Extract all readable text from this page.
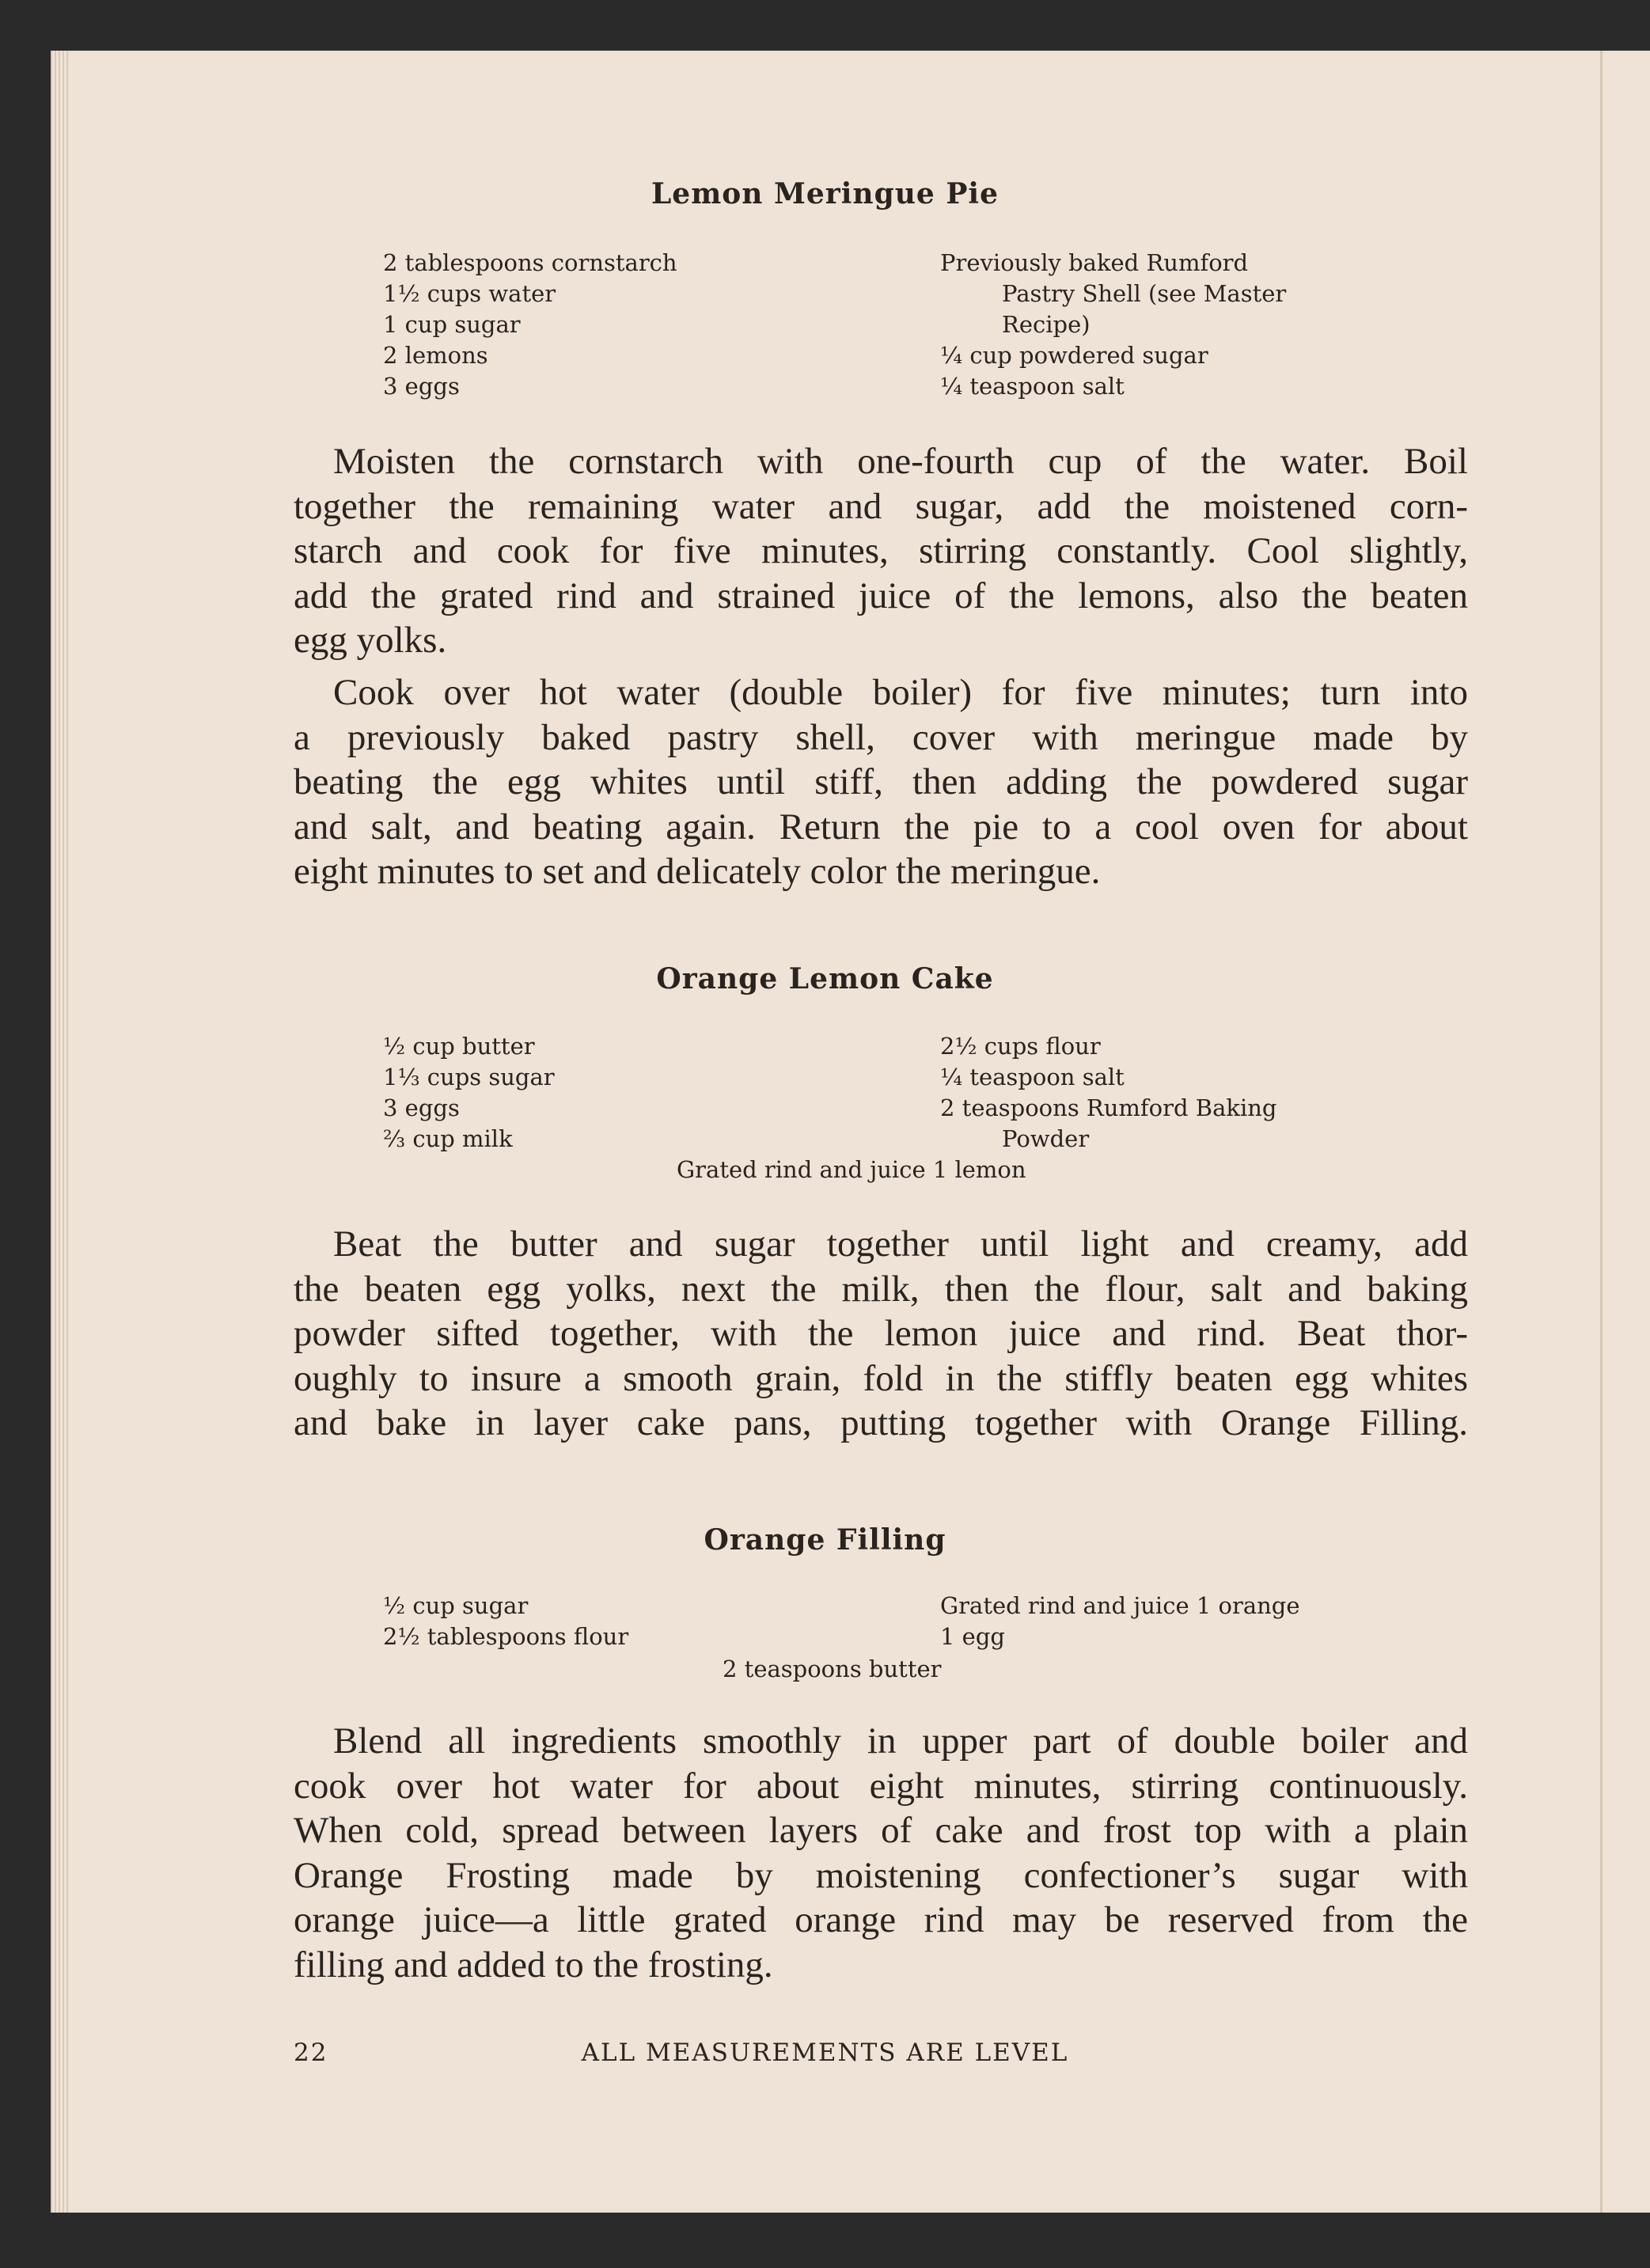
Lemon Meringue Pie
2 tablespoons cornstarch
1½ cups water
1 cup sugar
2 lemons
3 eggs
Previously baked Rumford
Pastry Shell (see Master
Recipe)
¼ cup powdered sugar
¼ teaspoon salt
Moisten the cornstarch with one-fourth cup of the water. Boil
together the remaining water and sugar, add the moistened corn-
starch and cook for five minutes, stirring constantly. Cool slightly,
add the grated rind and strained juice of the lemons, also the beaten
egg yolks.
Cook over hot water (double boiler) for five minutes; turn into
a previously baked pastry shell, cover with meringue made by
beating the egg whites until stiff, then adding the powdered sugar
and salt, and beating again. Return the pie to a cool oven for about
eight minutes to set and delicately color the meringue.
Orange Lemon Cake
½ cup butter
1⅓ cups sugar
3 eggs
⅔ cup milk
2½ cups flour
¼ teaspoon salt
2 teaspoons Rumford Baking
Powder
Grated rind and juice 1 lemon
Beat the butter and sugar together until light and creamy, add
the beaten egg yolks, next the milk, then the flour, salt and baking
powder sifted together, with the lemon juice and rind. Beat thor-
oughly to insure a smooth grain, fold in the stiffly beaten egg whites
and bake in layer cake pans, putting together with Orange Filling.
Orange Filling
½ cup sugar
2½ tablespoons flour
Grated rind and juice 1 orange
1 egg
2 teaspoons butter
Blend all ingredients smoothly in upper part of double boiler and
cook over hot water for about eight minutes, stirring continuously.
When cold, spread between layers of cake and frost top with a plain
Orange Frosting made by moistening confectioner’s sugar with
orange juice—a little grated orange rind may be reserved from the
filling and added to the frosting.
22	ALL MEASUREMENTS ARE LEVEL
